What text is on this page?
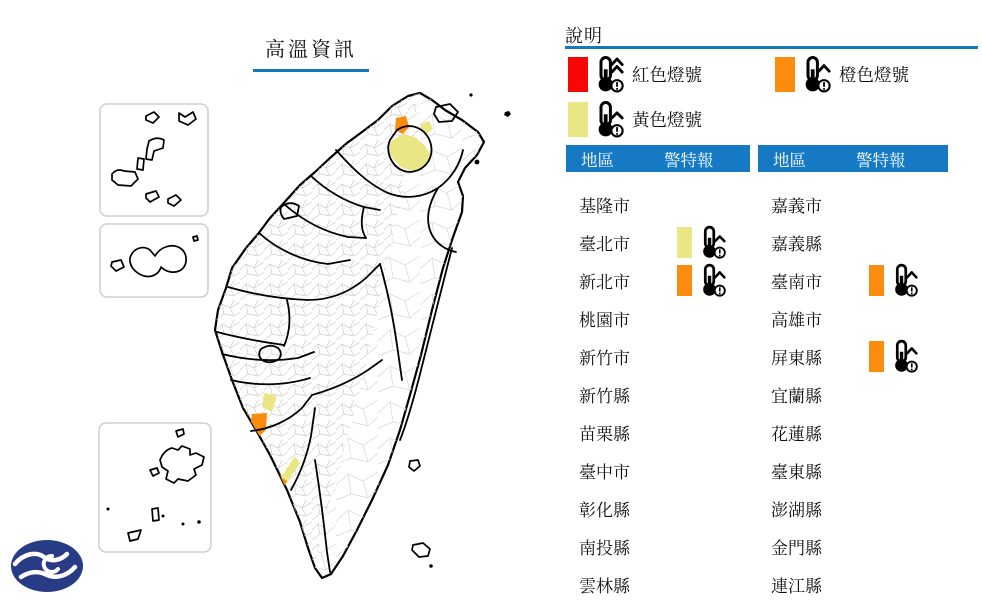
高溫資訊
說明
紅色燈號	橙色燈號
黃色燈號
地區	警特報
基隆市
臺北市
新北市
桃園市
新竹市
新竹縣
苗栗縣
臺中市
彰化縣
南投縣
雲林縣
地區	警特報
嘉義市
嘉義縣
臺南市
高雄市
屏東縣
宜蘭縣
花蓮縣
臺東縣
澎湖縣
金門縣
連江縣
